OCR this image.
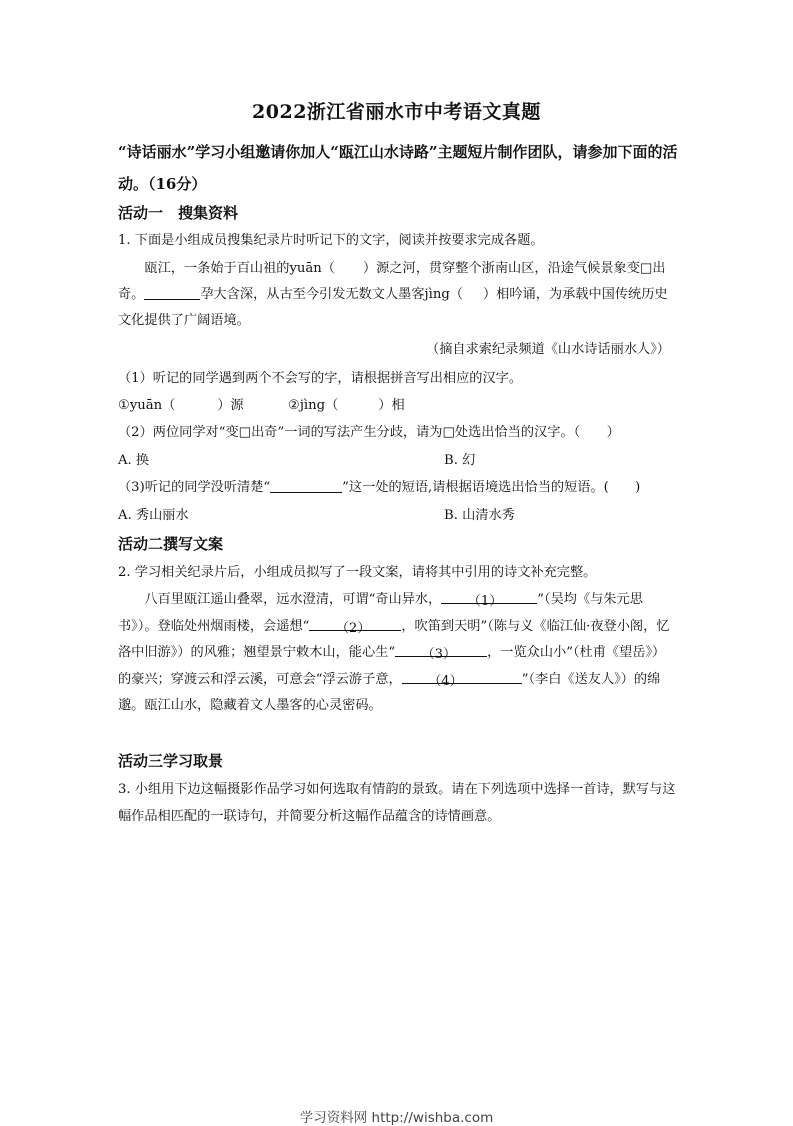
2022浙江省丽水市中考语文真题
“诗话丽水”学习小组邀请你加人“瓯江山水诗路”主题短片制作团队，请参加下面的活动。（16分）
活动一　搜集资料
1. 下面是小组成员搜集纪录片时听记下的文字，阅读并按要求完成各题。
瓯江，一条始于百山祖的yuān（ ）源之河，贯穿整个浙南山区，沿途气候景象变□出奇。	孕大含深，从古至今引发无数文人墨客jìng（ ）相吟诵，为承载中国传统历史文化提供了广阔语境。
（摘自求索纪录频道《山水诗话丽水人》）
（1）听记的同学遇到两个不会写的字，请根据拼音写出相应的汉字。
①yuān（	）源	②jìng（	）相
（2）两位同学对“变□出奇”一词的写法产生分歧，请为□处选出恰当的汉字。（　　）
A. 换	B. 幻
（3)听记的同学没听清楚“	”这一处的短语,请根据语境选出恰当的短语。(　　)
A. 秀山丽水	B. 山清水秀
活动二撰写文案
2. 学习相关纪录片后，小组成员拟写了一段文案，请将其中引用的诗文补充完整。
八百里瓯江遥山叠翠，远水澄清，可谓“奇山异水， （1）	”（吴均《与朱元思书》）。登临处州烟雨楼，会遥想“ （2） ，吹笛到天明”（陈与义《临江仙·夜登小阁，忆洛中旧游》）的风雅；翘望景宁敕木山，能心生“ （3） ，一览众山小”（杜甫《望岳》）的豪兴；穿渡云和浮云溪，可意会“浮云游子意， （4）	”（李白《送友人》）的绵邈。瓯江山水，隐藏着文人墨客的心灵密码。
活动三学习取景
3. 小组用下边这幅摄影作品学习如何选取有情韵的景致。请在下列选项中选择一首诗，默写与这幅作品相匹配的一联诗句，并简要分析这幅作品蕴含的诗情画意。
学习资料网 http://wishba.com
